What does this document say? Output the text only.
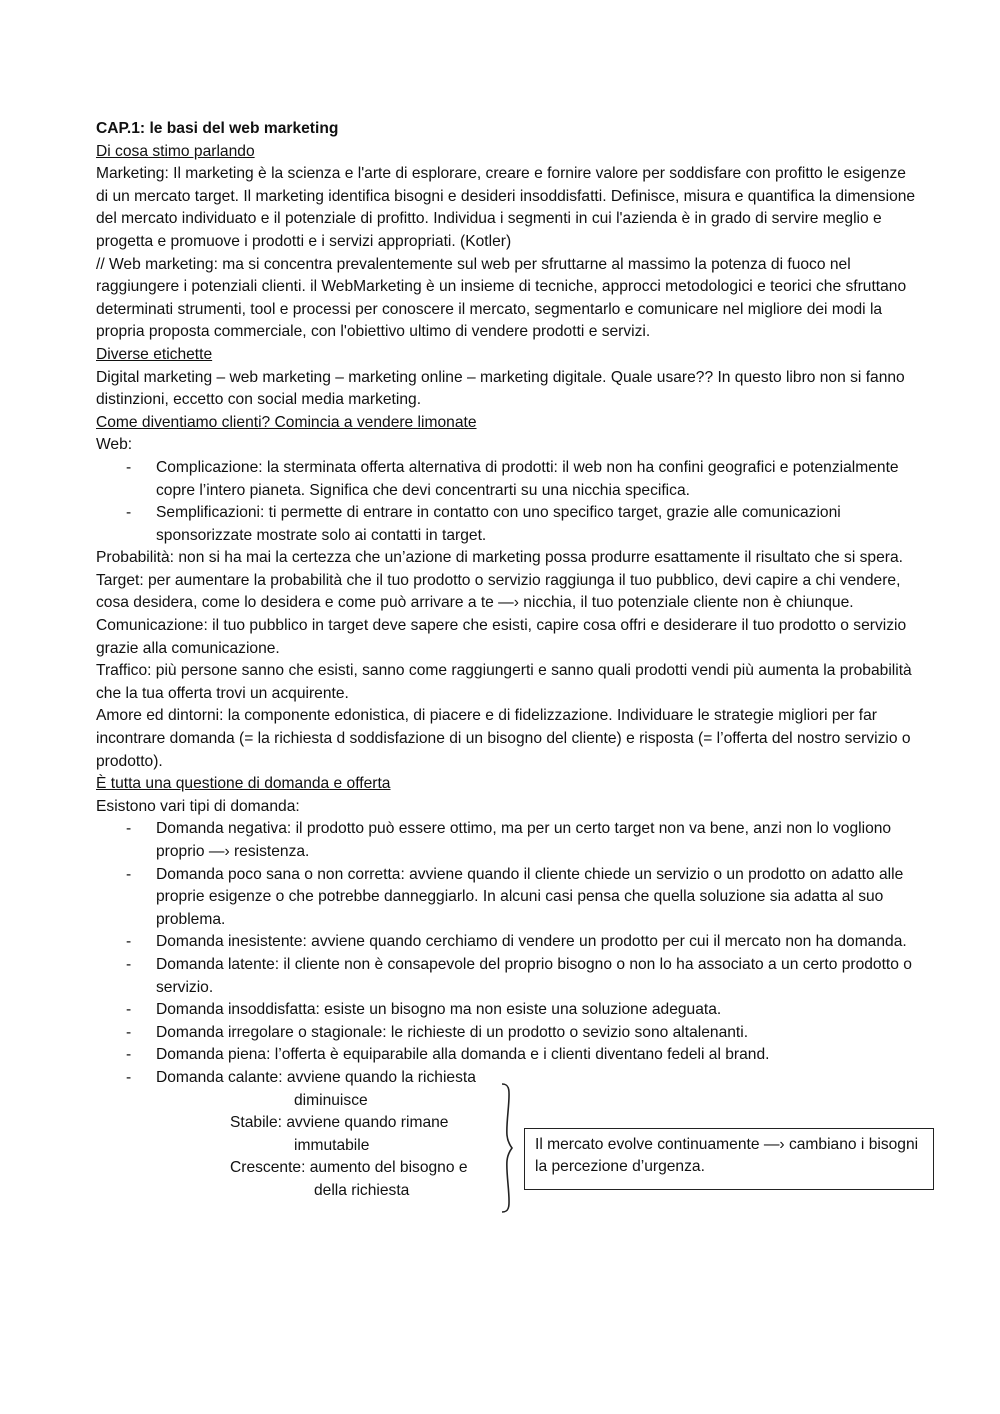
CAP.1: le basi del web marketing

Di cosa stimo parlando

Marketing: Il marketing è la scienza e l'arte di esplorare, creare e fornire valore per soddisfare con profitto le esigenze di un mercato target. Il marketing identifica bisogni e desideri insoddisfatti. Definisce, misura e quantifica la dimensione del mercato individuato e il potenziale di profitto. Individua i segmenti in cui l'azienda è in grado di servire meglio e progetta e promuove i prodotti e i servizi appropriati. (Kotler)

// Web marketing: ma si concentra prevalentemente sul web per sfruttarne al massimo la potenza di fuoco nel raggiungere i potenziali clienti. il WebMarketing è un insieme di tecniche, approcci metodologici e teorici che sfruttano determinati strumenti, tool e processi per conoscere il mercato, segmentarlo e comunicare nel migliore dei modi la propria proposta commerciale, con l'obiettivo ultimo di vendere prodotti e servizi.

Diverse etichette

Digital marketing – web marketing – marketing online – marketing digitale. Quale usare?? In questo libro non si fanno distinzioni, eccetto con social media marketing.

Come diventiamo clienti? Comincia a vendere limonate

Web:

- Complicazione: la sterminata offerta alternativa di prodotti: il web non ha confini geografici e potenzialmente copre l’intero pianeta. Significa che devi concentrarti su una nicchia specifica.
- Semplificazioni: ti permette di entrare in contatto con uno specifico target, grazie alle comunicazioni sponsorizzate mostrate solo ai contatti in target.

Probabilità: non si ha mai la certezza che un’azione di marketing possa produrre esattamente il risultato che si spera.

Target: per aumentare la probabilità che il tuo prodotto o servizio raggiunga il tuo pubblico, devi capire a chi vendere, cosa desidera, come lo desidera e come può arrivare a te —› nicchia, il tuo potenziale cliente non è chiunque.

Comunicazione: il tuo pubblico in target deve sapere che esisti, capire cosa offri e desiderare il tuo prodotto o servizio grazie alla comunicazione.

Traffico: più persone sanno che esisti, sanno come raggiungerti e sanno quali prodotti vendi più aumenta la probabilità che la tua offerta trovi un acquirente.

Amore ed dintorni: la componente edonistica, di piacere e di fidelizzazione. Individuare le strategie migliori per far incontrare domanda (= la richiesta d soddisfazione di un bisogno del cliente) e risposta (= l’offerta del nostro servizio o prodotto).

È tutta una questione di domanda e offerta

Esistono vari tipi di domanda:

- Domanda negativa: il prodotto può essere ottimo, ma per un certo target non va bene, anzi non lo vogliono proprio —› resistenza.
- Domanda poco sana o non corretta: avviene quando il cliente chiede un servizio o un prodotto on adatto alle proprie esigenze o che potrebbe danneggiarlo. In alcuni casi pensa che quella soluzione sia adatta al suo problema.
- Domanda inesistente: avviene quando cerchiamo di vendere un prodotto per cui il mercato non ha domanda.
- Domanda latente: il cliente non è consapevole del proprio bisogno o non lo ha associato a un certo prodotto o servizio.
- Domanda insoddisfatta: esiste un bisogno ma non esiste una soluzione adeguata.
- Domanda irregolare o stagionale: le richieste di un prodotto o sevizio sono altalenanti.
- Domanda piena: l’offerta è equiparabile alla domanda e i clienti diventano fedeli al brand.
- Domanda calante: avviene quando la richiesta
diminuisce
Stabile: avviene quando rimane
immutabile
Crescente: aumento del bisogno e
della richiesta
Il mercato evolve continuamente —› cambiano i bisogni la percezione d’urgenza.
